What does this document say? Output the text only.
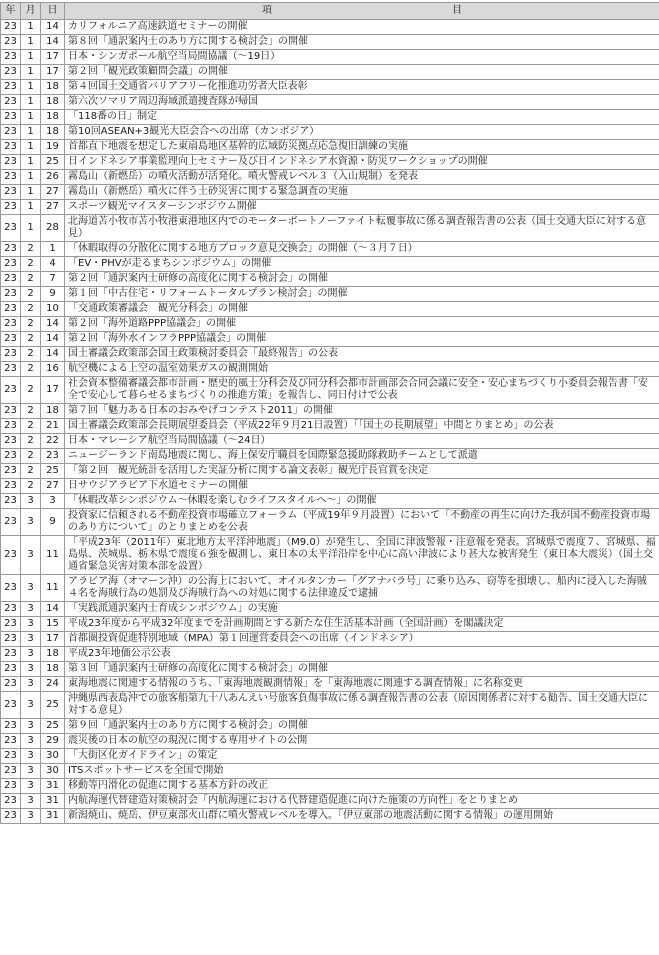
年	月	日	項　　　　　　　　　　　　　　　　　　目
23	1	14	カリフォルニア高速鉄道セミナーの開催
23	1	14	第８回「通訳案内士のあり方に関する検討会」の開催
23	1	17	日本・シンガポール航空当局間協議（～19日）
23	1	17	第２回「観光政策顧問会議」の開催
23	1	18	第４回国土交通省バリアフリー化推進功労者大臣表彰
23	1	18	第六次ソマリア周辺海域派遣捜査隊が帰国
23	1	18	「118番の日」制定
23	1	18	第10回ASEAN+3観光大臣会合への出席（カンボジア）
23	1	19	首都直下地震を想定した東扇島地区基幹的広域防災拠点応急復旧訓練の実施
23	1	25	日インドネシア事業監理向上セミナー及び日インドネシア水資源・防災ワークショップの開催
23	1	26	霧島山（新燃岳）の噴火活動が活発化。噴火警戒レベル３（入山規制）を発表
23	1	27	霧島山（新燃岳）噴火に伴う土砂災害に関する緊急調査の実施
23	1	27	スポーツ観光マイスターシンポジウム開催
23	1	28	北海道苫小牧市苫小牧港東港地区内でのモーターボートノーファイト転覆事故に係る調査報告書の公表（国土交通大臣に対する意見）
23	2	1	「休暇取得の分散化に関する地方ブロック意見交換会」の開催（～３月７日）
23	2	4	「EV・PHVが走るまちシンポジウム」の開催
23	2	7	第２回「通訳案内士研修の高度化に関する検討会」の開催
23	2	9	第１回「中古住宅・リフォームトータルプラン検討会」の開催
23	2	10	「交通政策審議会　観光分科会」の開催
23	2	14	第２回「海外道路PPP協議会」の開催
23	2	14	第２回「海外水インフラPPP協議会」の開催
23	2	14	国土審議会政策部会国土政策検討委員会「最終報告」の公表
23	2	16	航空機による上空の温室効果ガスの観測開始
23	2	17	社会資本整備審議会都市計画・歴史的風土分科会及び同分科会都市計画部会合同会議に安全・安心まちづくり小委員会報告書「安全で安心して暮らせるまちづくりの推進方策」を報告し、同日付けで公表
23	2	18	第７回「魅力ある日本のおみやげコンテスト2011」の開催
23	2	21	国土審議会政策部会長期展望委員会（平成22年９月21日設置）「「国土の長期展望」中間とりまとめ」の公表
23	2	22	日本・マレーシア航空当局間協議（～24日）
23	2	23	ニュージーランド南島地震に関し、海上保安庁職員を国際緊急援助隊救助チームとして派遣
23	2	25	「第２回　観光統計を活用した実証分析に関する論文表彰」観光庁長官賞を決定
23	2	27	日サウジアラビア下水道セミナーの開催
23	3	3	「休暇改革シンポジウム～休暇を楽しむライフスタイルへ～」の開催
23	3	9	投資家に信頼される不動産投資市場確立フォーラム（平成19年９月設置）において「不動産の再生に向けた我が国不動産投資市場のあり方について」のとりまとめを公表
23	3	11	「平成23年（2011年）東北地方太平洋沖地震」（M9.0）が発生し、全国に津波警報・注意報を発表。宮城県で震度７、宮城県、福島県、茨城県、栃木県で震度６強を観測し、東日本の太平洋沿岸を中心に高い津波により甚大な被害発生（東日本大震災）（国土交通省緊急災害対策本部を設置）
23	3	11	アラビア海（オマーン沖）の公海上において、オイルタンカー「グアナバラ号」に乗り込み、窃等を損壊し、船内に浸入した海賊４名を海賊行為の処罰及び海賊行為への対処に関する法律違反で逮捕
23	3	14	「実践派通訳案内士育成シンポジウム」の実施
23	3	15	平成23年度から平成32年度までを計画期間とする新たな住生活基本計画（全国計画）を閣議決定
23	3	17	首都圏投資促進特別地域（MPA）第１回運営委員会への出席（インドネシア）
23	3	18	平成23年地価公示公表
23	3	18	第３回「通訳案内士研修の高度化に関する検討会」の開催
23	3	24	東海地震に関連する情報のうち、「東海地震観測情報」を「東海地震に関連する調査情報」に名称変更
23	3	25	沖縄県西表島沖での旅客船第九十八あんえい号旅客負傷事故に係る調査報告書の公表（原因関係者に対する勧告、国土交通大臣に対する意見）
23	3	25	第９回「通訳案内士のあり方に関する検討会」の開催
23	3	29	震災後の日本の航空の現況に関する専用サイトの公開
23	3	30	「大街区化ガイドライン」の策定
23	3	30	ITSスポットサービスを全国で開始
23	3	31	移動等円滑化の促進に関する基本方針の改正
23	3	31	内航海運代替建造対策検討会「内航海運における代替建造促進に向けた施策の方向性」をとりまとめ
23	3	31	新潟焼山、焼岳、伊豆東部火山群に噴火警戒レベルを導入。「伊豆東部の地震活動に関する情報」の運用開始
